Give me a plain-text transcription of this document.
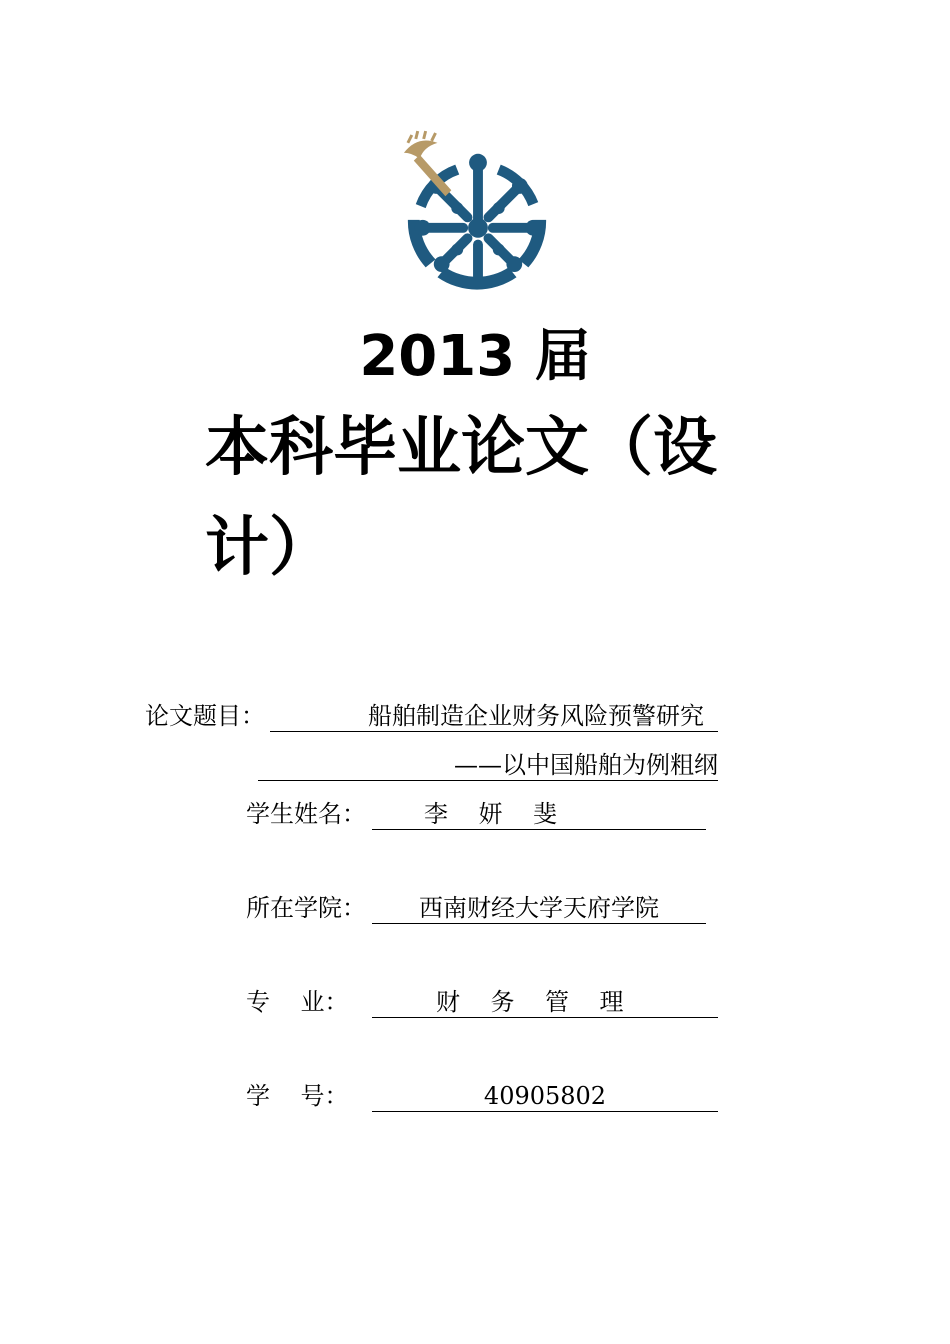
2013 届
本科毕业论文（设
计）
论文题目：	船舶制造企业财务风险预警研究
——以中国船舶为例粗纲
学生姓名：	李    妍    斐
所在学院：	西南财经大学天府学院
专    业：	财    务    管    理
学    号：	40905802
